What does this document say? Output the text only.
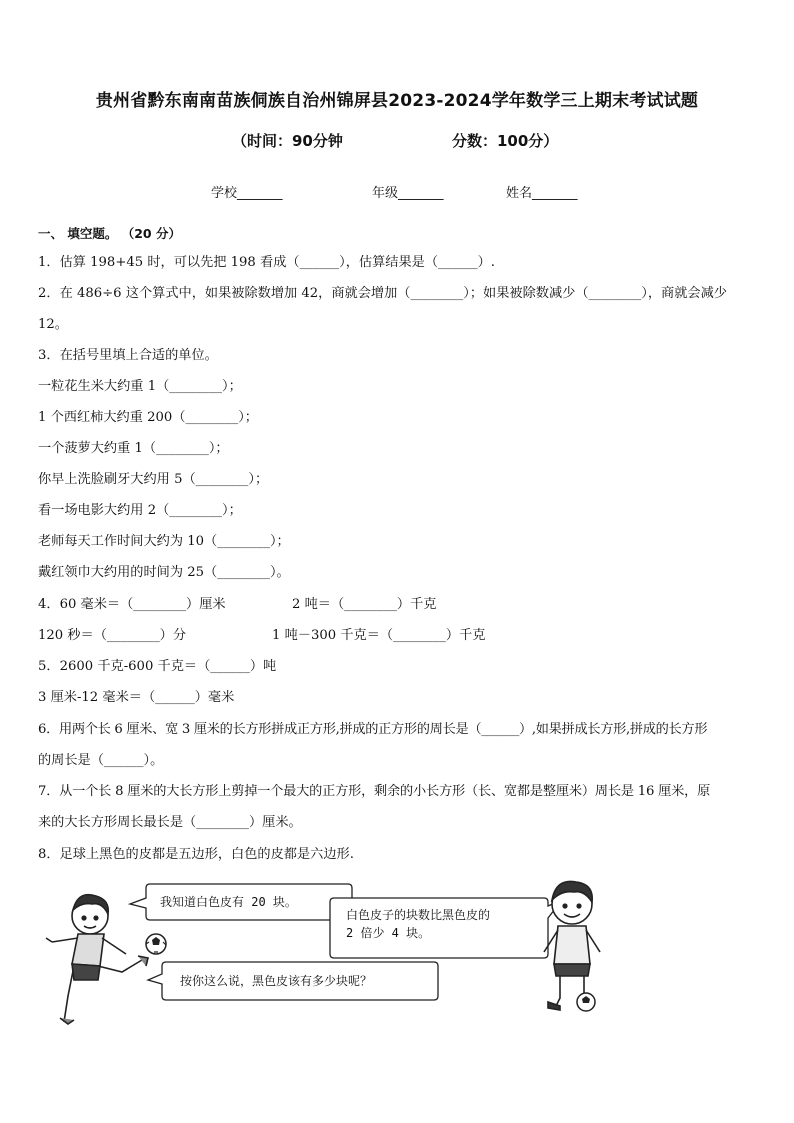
贵州省黔东南南苗族侗族自治州锦屏县2023-2024学年数学三上期末考试试题
（时间：90分钟	分数：100分）
学校_______	年级_______	姓名_______
一、 填空题。 （20 分）
1．估算 198+45 时，可以先把 198 看成（______），估算结果是（______）.
2．在 486÷6 这个算式中，如果被除数增加 42，商就会增加（________）；如果被除数减少（________），商就会减少
12。
3．在括号里填上合适的单位。
一粒花生米大约重 1（________）；
1 个西红柿大约重 200（________）；
一个菠萝大约重 1（________）；
你早上洗脸刷牙大约用 5（________）；
看一场电影大约用 2（________）；
老师每天工作时间大约为 10（________）；
戴红领巾大约用的时间为 25（________）。
4．60 毫米＝（________）厘米	2 吨＝（________）千克
120 秒＝（________）分	1 吨－300 千克＝（________）千克
5．2600 千克-600 千克＝（______）吨
3 厘米-12 毫米＝（______）毫米
6．用两个长 6 厘米、宽 3 厘米的长方形拼成正方形,拼成的正方形的周长是（______）,如果拼成长方形,拼成的长方形
的周长是（______）。
7．从一个长 8 厘米的大长方形上剪掉一个最大的正方形，剩余的小长方形（长、宽都是整厘米）周长是 16 厘米，原
来的大长方形周长最长是（________）厘米。
8．足球上黑色的皮都是五边形，白色的皮都是六边形.
我知道白色皮有 20 块。
白色皮子的块数比黑色皮的
2 倍少 4 块。
按你这么说，黑色皮该有多少块呢？
